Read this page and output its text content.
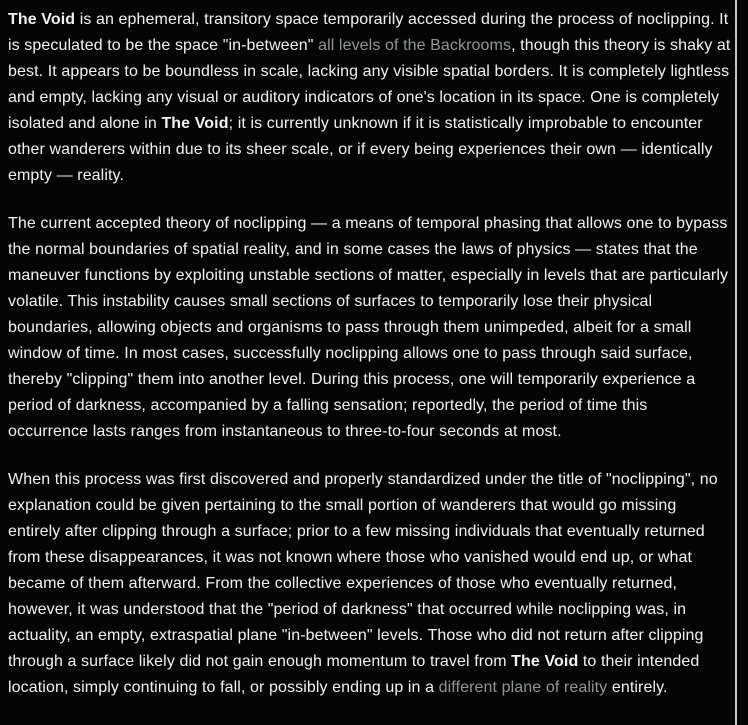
The Void is an ephemeral, transitory space temporarily accessed during the process of noclipping. It is speculated to be the space "in-between" all levels of the Backrooms, though this theory is shaky at best. It appears to be boundless in scale, lacking any visible spatial borders. It is completely lightless and empty, lacking any visual or auditory indicators of one's location in its space. One is completely isolated and alone in The Void; it is currently unknown if it is statistically improbable to encounter other wanderers within due to its sheer scale, or if every being experiences their own — identically empty — reality.

The current accepted theory of noclipping — a means of temporal phasing that allows one to bypass the normal boundaries of spatial reality, and in some cases the laws of physics — states that the maneuver functions by exploiting unstable sections of matter, especially in levels that are particularly volatile. This instability causes small sections of surfaces to temporarily lose their physical boundaries, allowing objects and organisms to pass through them unimpeded, albeit for a small window of time. In most cases, successfully noclipping allows one to pass through said surface, thereby "clipping" them into another level. During this process, one will temporarily experience a period of darkness, accompanied by a falling sensation; reportedly, the period of time this occurrence lasts ranges from instantaneous to three-to-four seconds at most.

When this process was first discovered and properly standardized under the title of "noclipping", no explanation could be given pertaining to the small portion of wanderers that would go missing entirely after clipping through a surface; prior to a few missing individuals that eventually returned from these disappearances, it was not known where those who vanished would end up, or what became of them afterward. From the collective experiences of those who eventually returned, however, it was understood that the "period of darkness" that occurred while noclipping was, in actuality, an empty, extraspatial plane "in-between" levels. Those who did not return after clipping through a surface likely did not gain enough momentum to travel from The Void to their intended location, simply continuing to fall, or possibly ending up in a different plane of reality entirely.
